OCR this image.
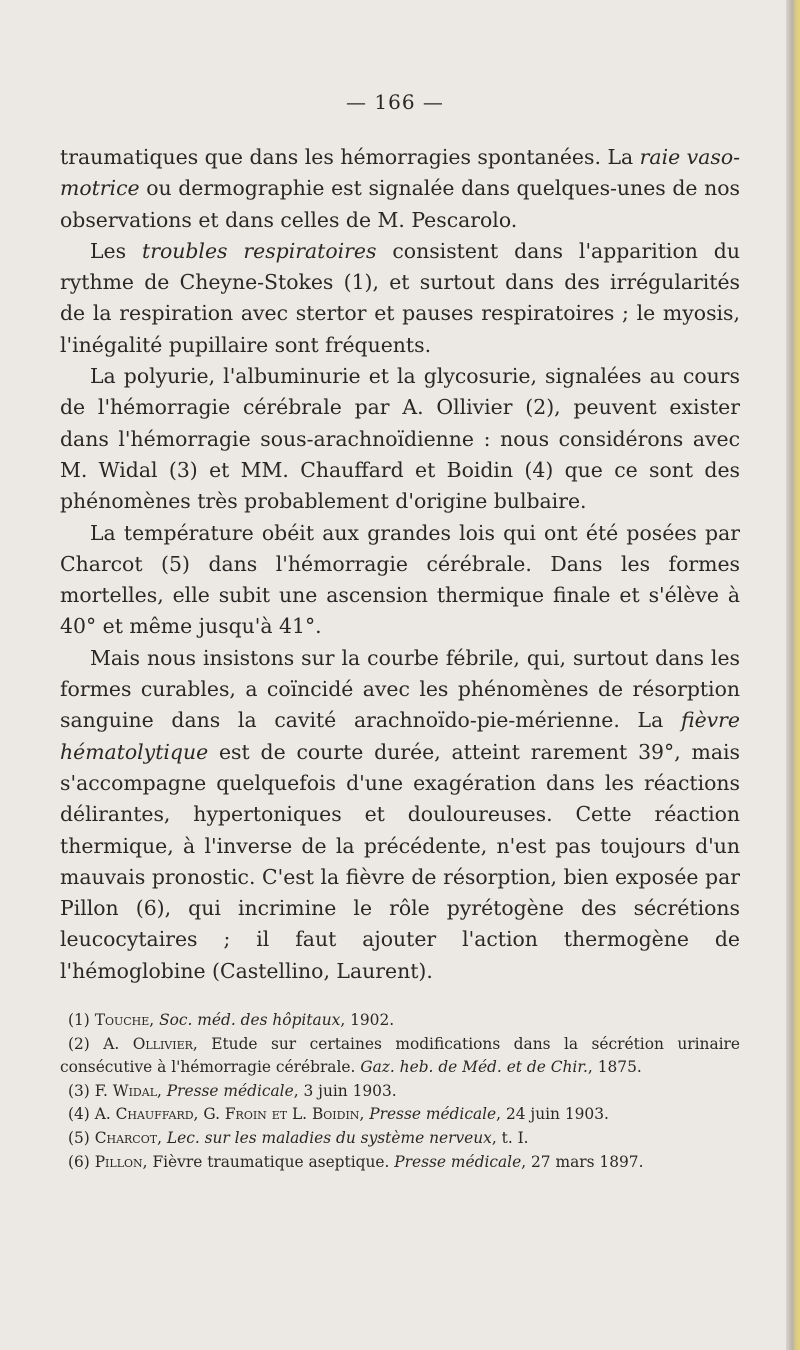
— 166 —

traumatiques que dans les hémorragies spontanées. La raie vaso-motrice ou dermographie est signalée dans quelques-unes de nos observations et dans celles de M. Pescarolo.

Les troubles respiratoires consistent dans l'apparition du rythme de Cheyne-Stokes (1), et surtout dans des irrégularités de la respiration avec stertor et pauses respiratoires ; le myosis, l'inégalité pupillaire sont fréquents.

La polyurie, l'albuminurie et la glycosurie, signalées au cours de l'hémorragie cérébrale par A. Ollivier (2), peuvent exister dans l'hémorragie sous-arachnoïdienne : nous considérons avec M. Widal (3) et MM. Chauffard et Boidin (4) que ce sont des phénomènes très probablement d'origine bulbaire.

La température obéit aux grandes lois qui ont été posées par Charcot (5) dans l'hémorragie cérébrale. Dans les formes mortelles, elle subit une ascension thermique finale et s'élève à 40° et même jusqu'à 41°.

Mais nous insistons sur la courbe fébrile, qui, surtout dans les formes curables, a coïncidé avec les phénomènes de résorption sanguine dans la cavité arachnoïdo-pie-mérienne. La fièvre hématolytique est de courte durée, atteint rarement 39°, mais s'accompagne quelquefois d'une exagération dans les réactions délirantes, hypertoniques et douloureuses. Cette réaction thermique, à l'inverse de la précédente, n'est pas toujours d'un mauvais pronostic. C'est la fièvre de résorption, bien exposée par Pillon (6), qui incrimine le rôle pyrétogène des sécrétions leucocytaires ; il faut ajouter l'action thermogène de l'hémoglobine (Castellino, Laurent).

(1) Touche, Soc. méd. des hôpitaux, 1902.

(2) A. Ollivier, Etude sur certaines modifications dans la sécrétion urinaire consécutive à l'hémorragie cérébrale. Gaz. heb. de Méd. et de Chir., 1875.

(3) F. Widal, Presse médicale, 3 juin 1903.

(4) A. Chauffard, G. Froin et L. Boidin, Presse médicale, 24 juin 1903.

(5) Charcot, Lec. sur les maladies du système nerveux, t. I.

(6) Pillon, Fièvre traumatique aseptique. Presse médicale, 27 mars 1897.
